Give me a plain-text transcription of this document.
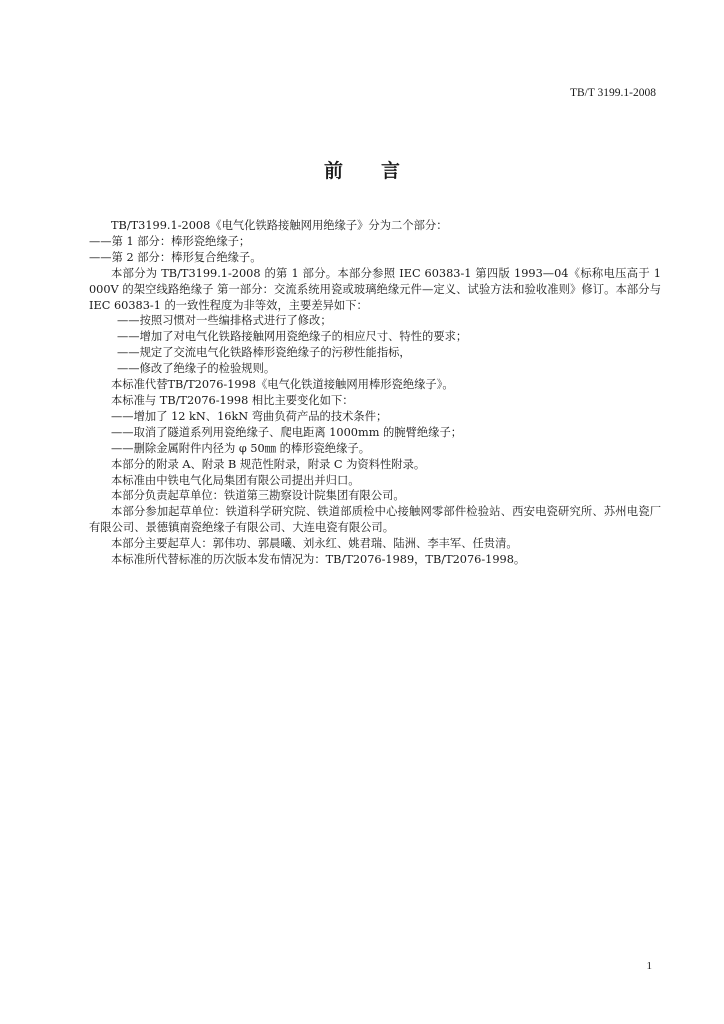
TB/T 3199.1-2008
前言
TB/T3199.1-2008《电气化铁路接触网用绝缘子》分为二个部分：
——第 1 部分：棒形瓷绝缘子；
——第 2 部分：棒形复合绝缘子。
本部分为 TB/T3199.1-2008 的第 1 部分。本部分参照 IEC 60383-1 第四版 1993—04《标称电压高于 1 000V 的架空线路绝缘子 第一部分：交流系统用瓷或玻璃绝缘元件—定义、试验方法和验收准则》修订。本部分与 IEC 60383-1 的一致性程度为非等效，主要差异如下：
——按照习惯对一些编排格式进行了修改；
——增加了对电气化铁路接触网用瓷绝缘子的相应尺寸、特性的要求；
——规定了交流电气化铁路棒形瓷绝缘子的污秽性能指标，
——修改了绝缘子的检验规则。
本标准代替TB/T2076-1998《电气化铁道接触网用棒形瓷绝缘子》。
本标准与 TB/T2076-1998 相比主要变化如下：
——增加了 12 kN、16kN 弯曲负荷产品的技术条件；
——取消了隧道系列用瓷绝缘子、爬电距离 1000mm 的腕臂绝缘子；
——删除金属附件内径为 φ 50㎜ 的棒形瓷绝缘子。
本部分的附录 A、附录 B 规范性附录，附录 C 为资料性附录。
本标准由中铁电气化局集团有限公司提出并归口。
本部分负责起草单位：铁道第三勘察设计院集团有限公司。
本部分参加起草单位：铁道科学研究院、铁道部质检中心接触网零部件检验站、西安电瓷研究所、苏州电瓷厂有限公司、景德镇南瓷绝缘子有限公司、大连电瓷有限公司。
本部分主要起草人：郭伟功、郭晨曦、刘永红、姚君瑞、陆洲、李丰军、任贵清。
本标准所代替标准的历次版本发布情况为：TB/T2076-1989，TB/T2076-1998。
1
